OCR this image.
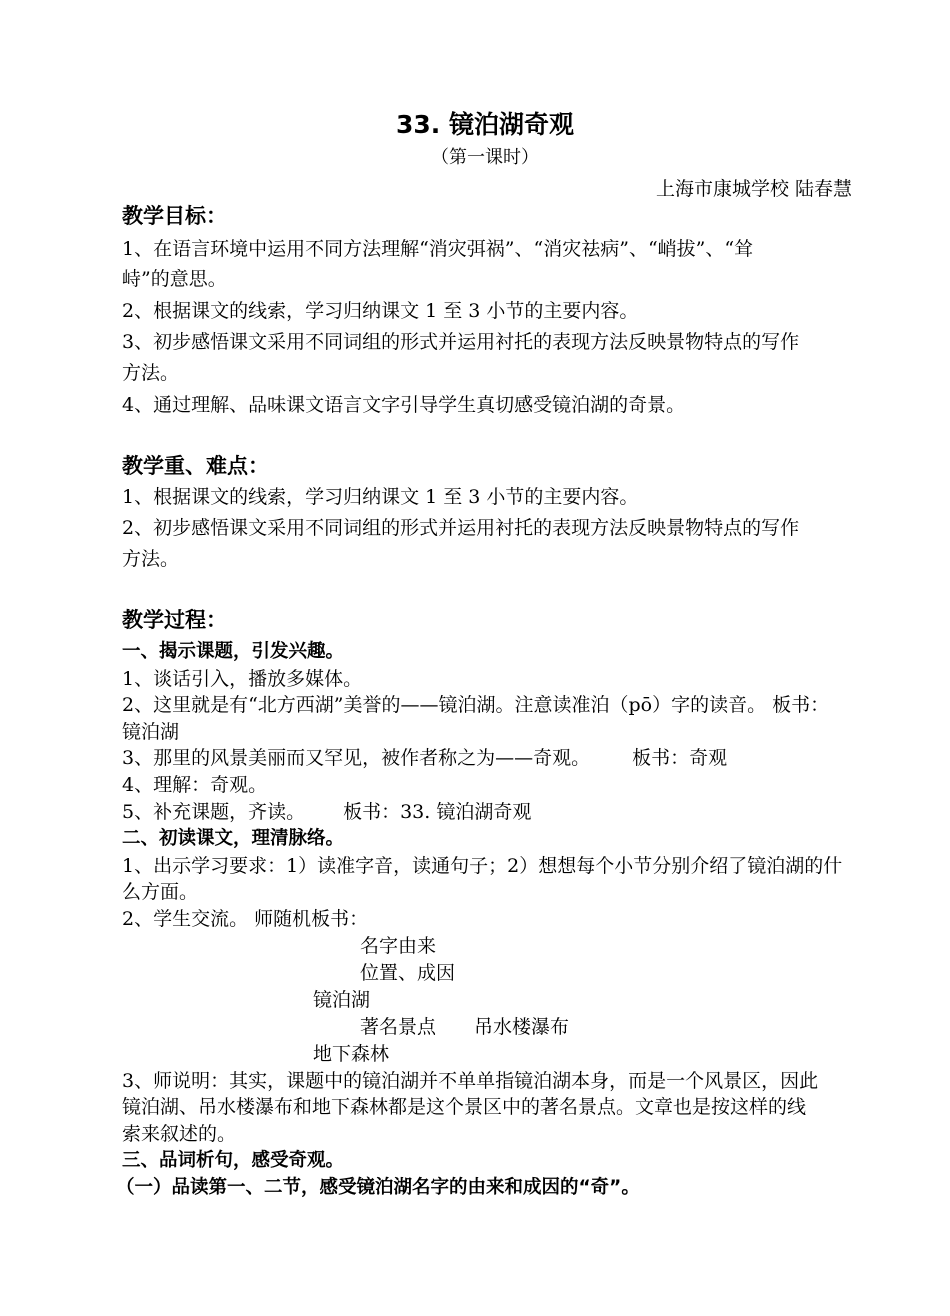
33. 镜泊湖奇观
（第一课时）
上海市康城学校 陆春慧
教学目标：
1、在语言环境中运用不同方法理解“消灾弭祸”、“消灾祛病”、“峭拔”、“耸
峙”的意思。
2、根据课文的线索，学习归纳课文 1 至 3 小节的主要内容。
3、初步感悟课文采用不同词组的形式并运用衬托的表现方法反映景物特点的写作
方法。
4、通过理解、品味课文语言文字引导学生真切感受镜泊湖的奇景。
教学重、难点：
1、根据课文的线索，学习归纳课文 1 至 3 小节的主要内容。
2、初步感悟课文采用不同词组的形式并运用衬托的表现方法反映景物特点的写作
方法。
教学过程：
一、揭示课题，引发兴趣。
1、谈话引入，播放多媒体。
2、这里就是有“北方西湖”美誉的——镜泊湖。注意读准泊（pō）字的读音。 板书：
镜泊湖
3、那里的风景美丽而又罕见，被作者称之为——奇观。 板书：奇观
4、理解：奇观。
5、补充课题，齐读。 板书：33. 镜泊湖奇观
二、初读课文，理清脉络。
1、出示学习要求：1）读准字音，读通句子；2）想想每个小节分别介绍了镜泊湖的什
么方面。
2、学生交流。 师随机板书：
名字由来
位置、成因
镜泊湖
著名景点 吊水楼瀑布
地下森林
3、师说明：其实，课题中的镜泊湖并不单单指镜泊湖本身，而是一个风景区，因此
镜泊湖、吊水楼瀑布和地下森林都是这个景区中的著名景点。文章也是按这样的线
索来叙述的。
三、品词析句，感受奇观。
（一）品读第一、二节，感受镜泊湖名字的由来和成因的“奇”。
